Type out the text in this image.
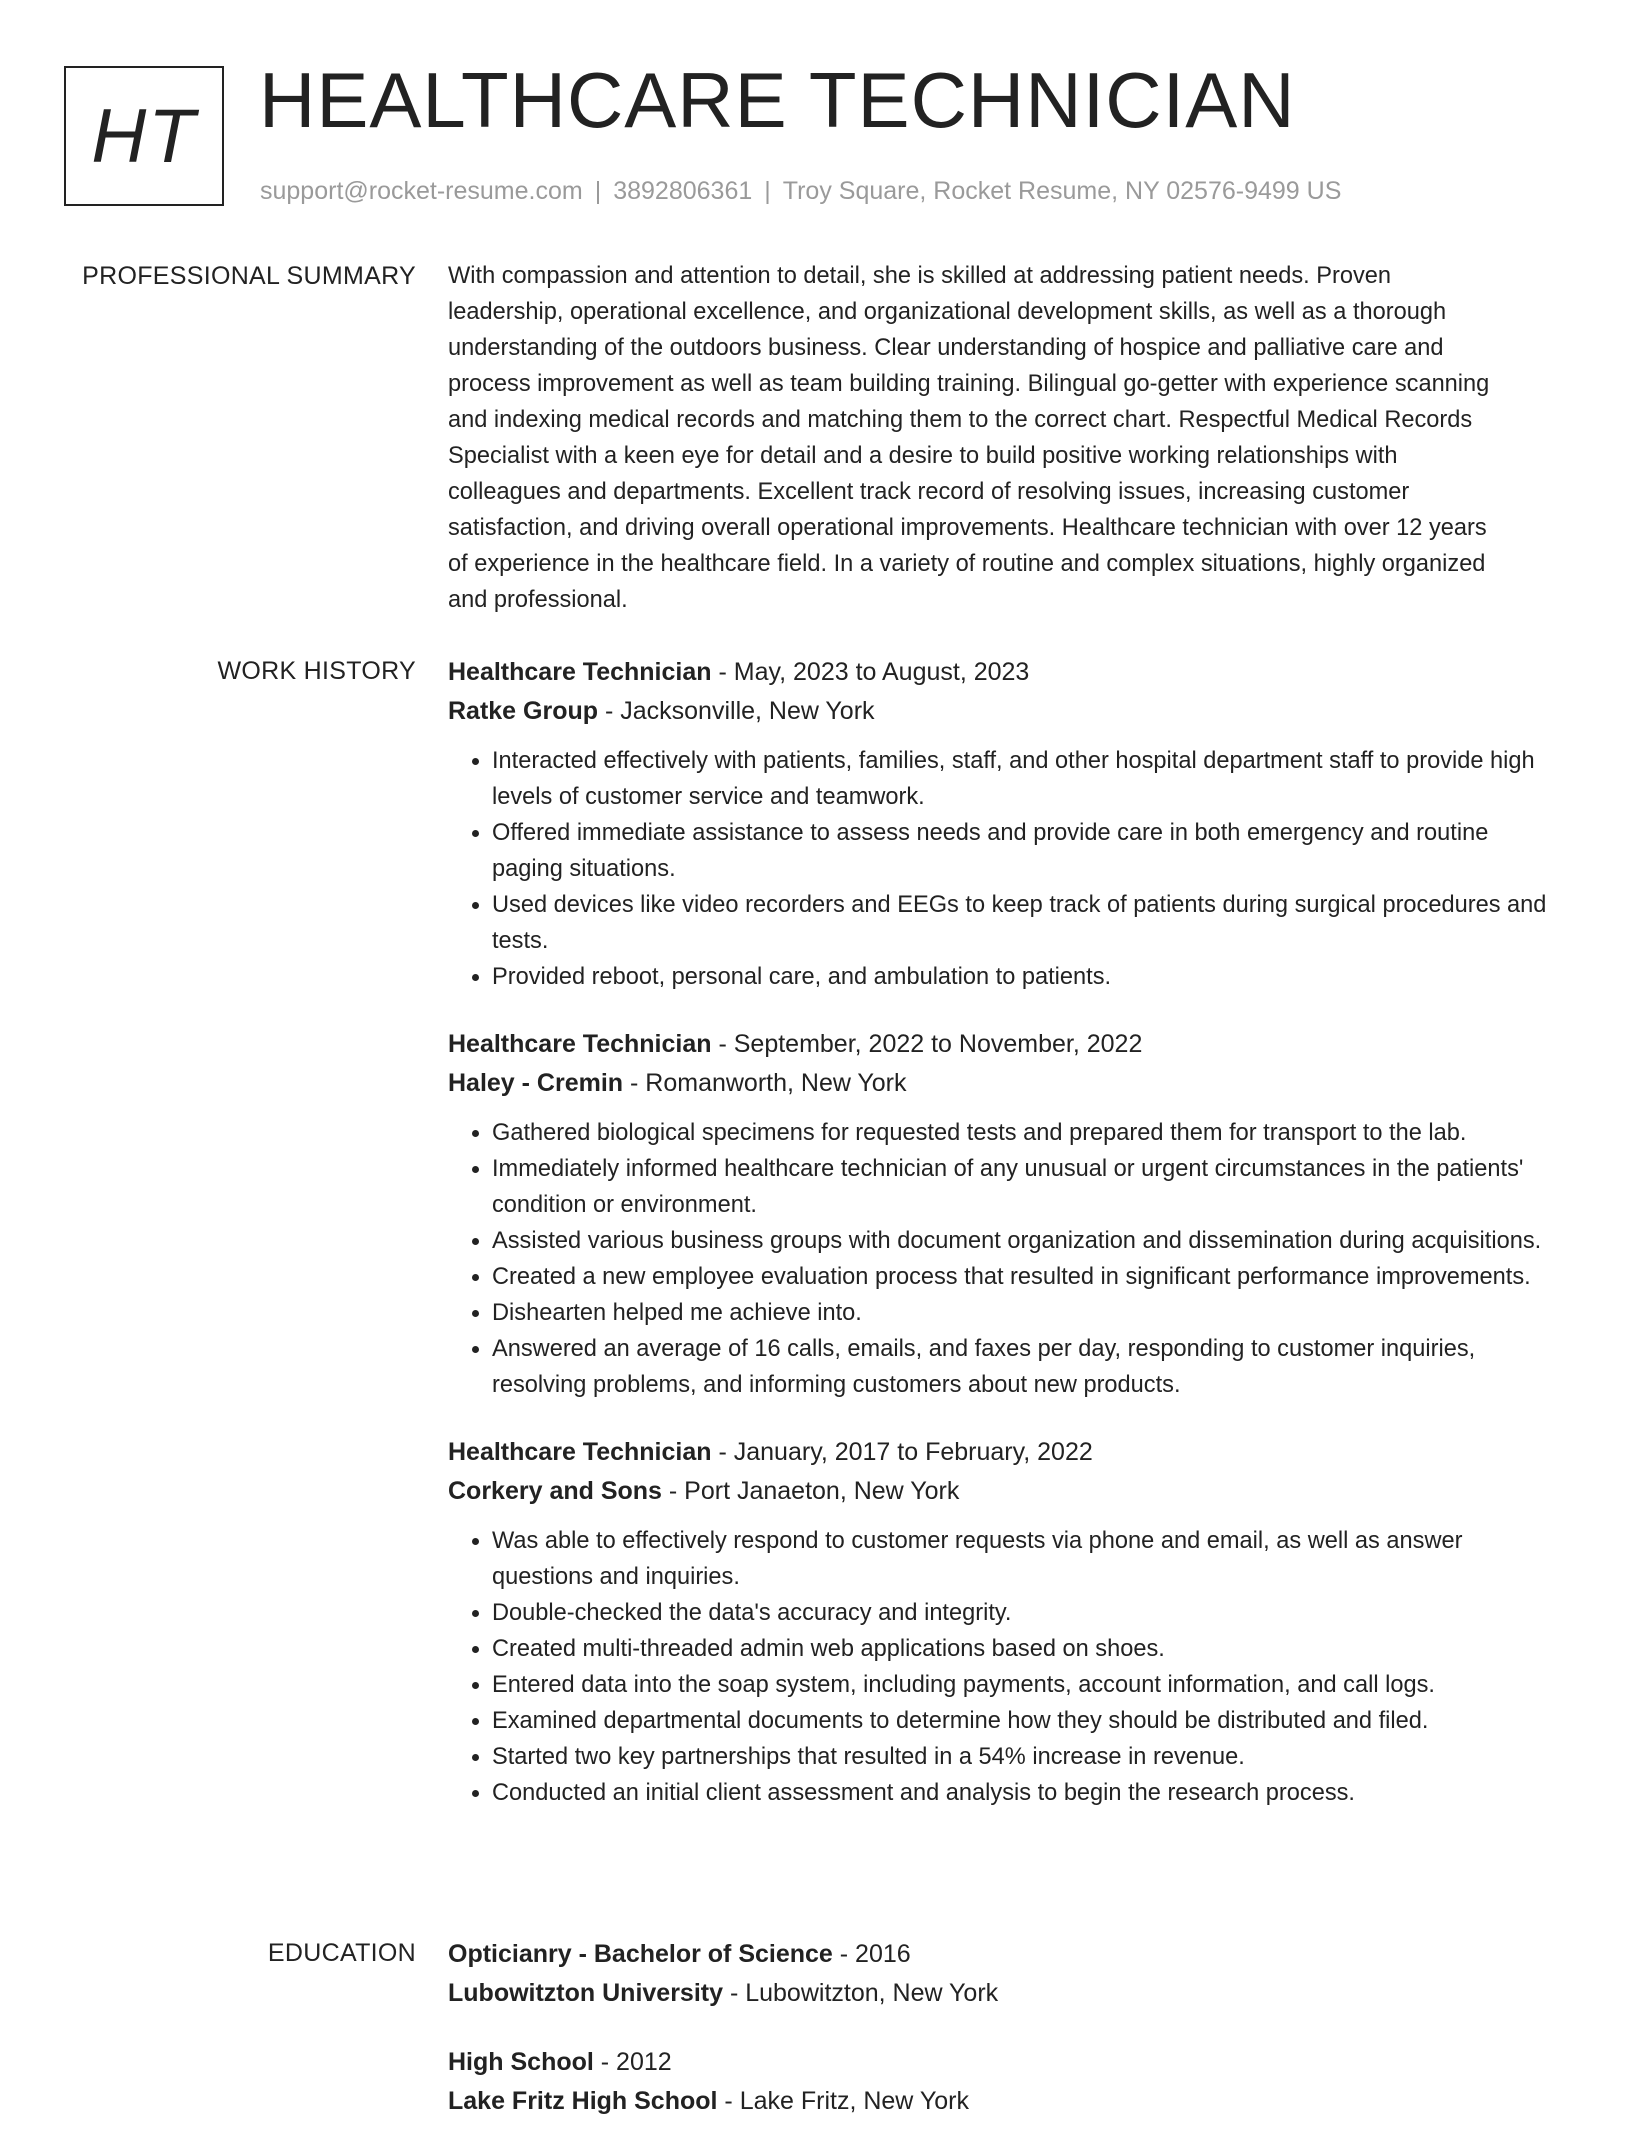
HT HEALTHCARE TECHNICIAN
support@rocket-resume.com | 3892806361 | Troy Square, Rocket Resume, NY 02576-9499 US
PROFESSIONAL SUMMARY With compassion and attention to detail, she is skilled at addressing patient needs. Proven
leadership, operational excellence, and organizational development skills, as well as a thorough
understanding of the outdoors business. Clear understanding of hospice and palliative care and
process improvement as well as team building training. Bilingual go-getter with experience scanning
and indexing medical records and matching them to the correct chart. Respectful Medical Records
Specialist with a keen eye for detail and a desire to build positive working relationships with
colleagues and departments. Excellent track record of resolving issues, increasing customer
satisfaction, and driving overall operational improvements. Healthcare technician with over 12 years
of experience in the healthcare field. In a variety of routine and complex situations, highly organized
and professional.
WORK HISTORY Healthcare Technician - May, 2023 to August, 2023
Ratke Group - Jacksonville, New York
• Interacted effectively with patients, families, staff, and other hospital department staff to provide high levels of customer service and teamwork.
• Offered immediate assistance to assess needs and provide care in both emergency and routine paging situations.
• Used devices like video recorders and EEGs to keep track of patients during surgical procedures and tests.
• Provided reboot, personal care, and ambulation to patients.
Healthcare Technician - September, 2022 to November, 2022
Haley - Cremin - Romanworth, New York
• Gathered biological specimens for requested tests and prepared them for transport to the lab.
• Immediately informed healthcare technician of any unusual or urgent circumstances in the patients' condition or environment.
• Assisted various business groups with document organization and dissemination during acquisitions.
• Created a new employee evaluation process that resulted in significant performance improvements.
• Dishearten helped me achieve into.
• Answered an average of 16 calls, emails, and faxes per day, responding to customer inquiries, resolving problems, and informing customers about new products.
Healthcare Technician - January, 2017 to February, 2022
Corkery and Sons - Port Janaeton, New York
• Was able to effectively respond to customer requests via phone and email, as well as answer questions and inquiries.
• Double-checked the data's accuracy and integrity.
• Created multi-threaded admin web applications based on shoes.
• Entered data into the soap system, including payments, account information, and call logs.
• Examined departmental documents to determine how they should be distributed and filed.
• Started two key partnerships that resulted in a 54% increase in revenue.
• Conducted an initial client assessment and analysis to begin the research process.
EDUCATION Opticianry - Bachelor of Science - 2016
Lubowitzton University - Lubowitzton, New York
High School - 2012
Lake Fritz High School - Lake Fritz, New York
